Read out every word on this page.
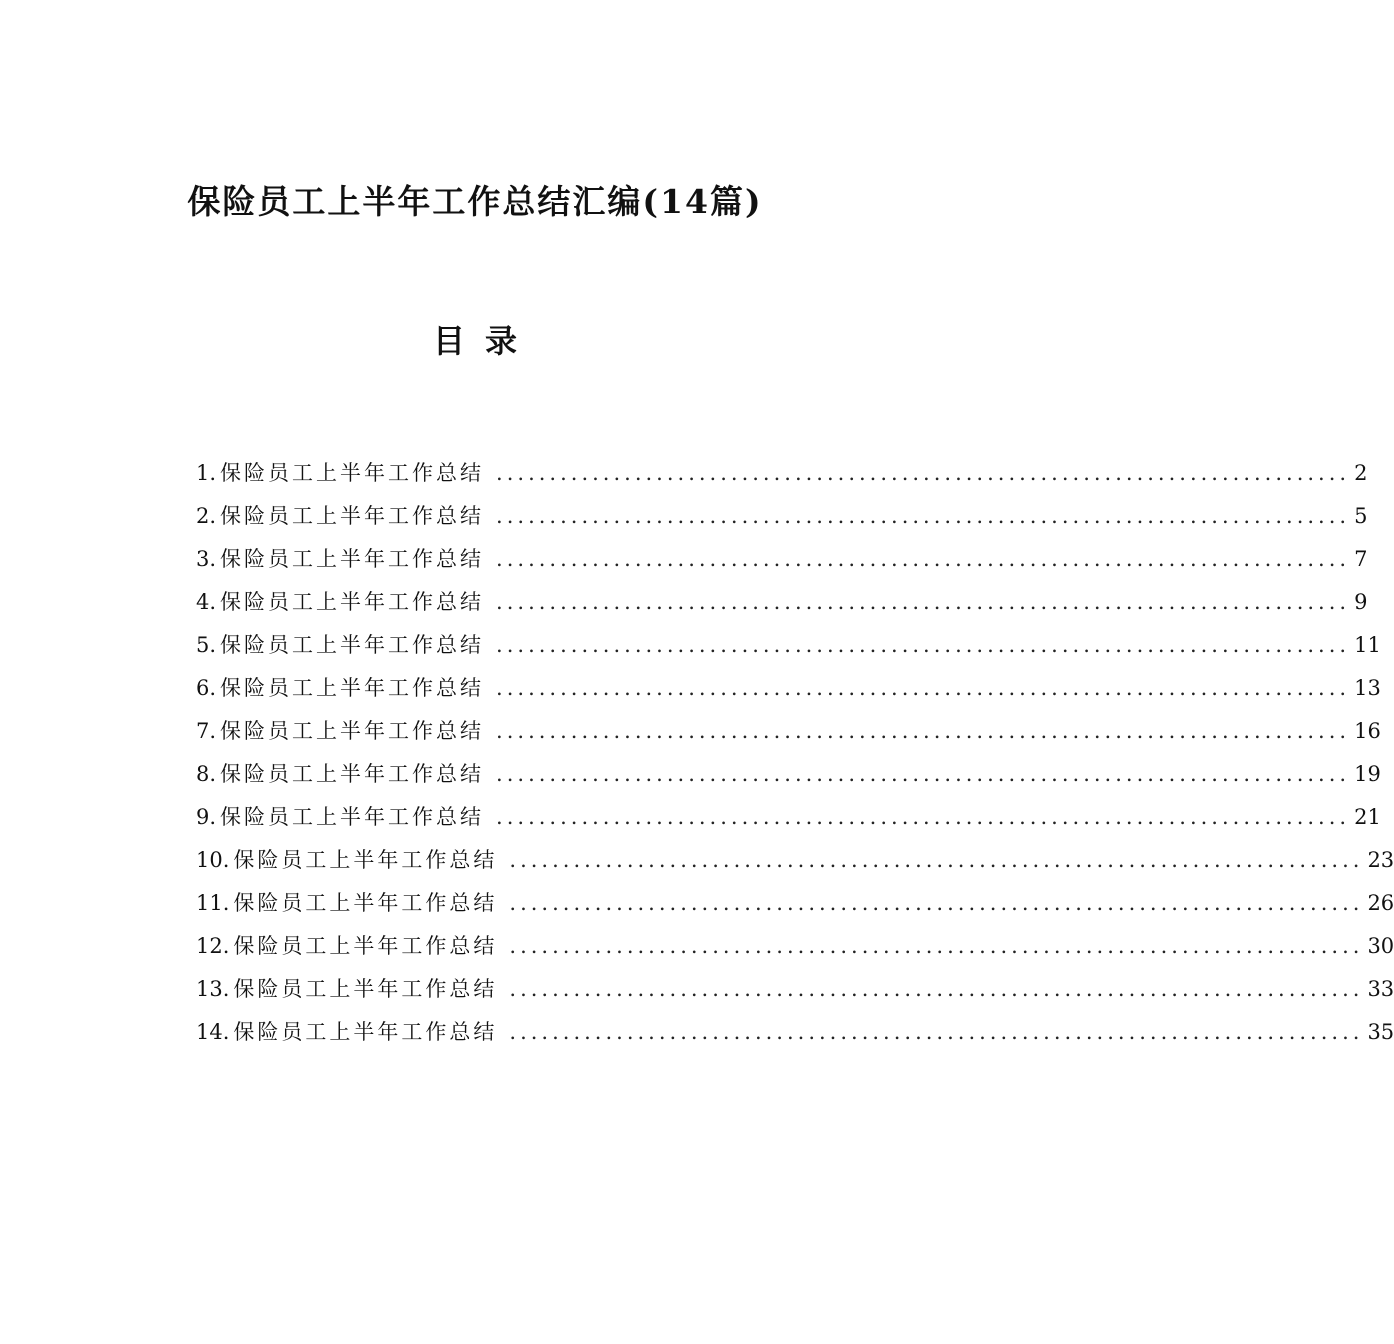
保险员工上半年工作总结汇编(14篇)
目录
1. 保险员工上半年工作总结 ................................................................................ 2
2. 保险员工上半年工作总结 ................................................................................ 5
3. 保险员工上半年工作总结 ................................................................................ 7
4. 保险员工上半年工作总结 ................................................................................ 9
5. 保险员工上半年工作总结 ................................................................................ 11
6. 保险员工上半年工作总结 ................................................................................ 13
7. 保险员工上半年工作总结 ................................................................................ 16
8. 保险员工上半年工作总结 ................................................................................ 19
9. 保险员工上半年工作总结 ................................................................................ 21
10. 保险员工上半年工作总结 ................................................................................ 23
11. 保险员工上半年工作总结 ................................................................................ 26
12. 保险员工上半年工作总结 ................................................................................ 30
13. 保险员工上半年工作总结 ................................................................................ 33
14. 保险员工上半年工作总结 ................................................................................ 35
